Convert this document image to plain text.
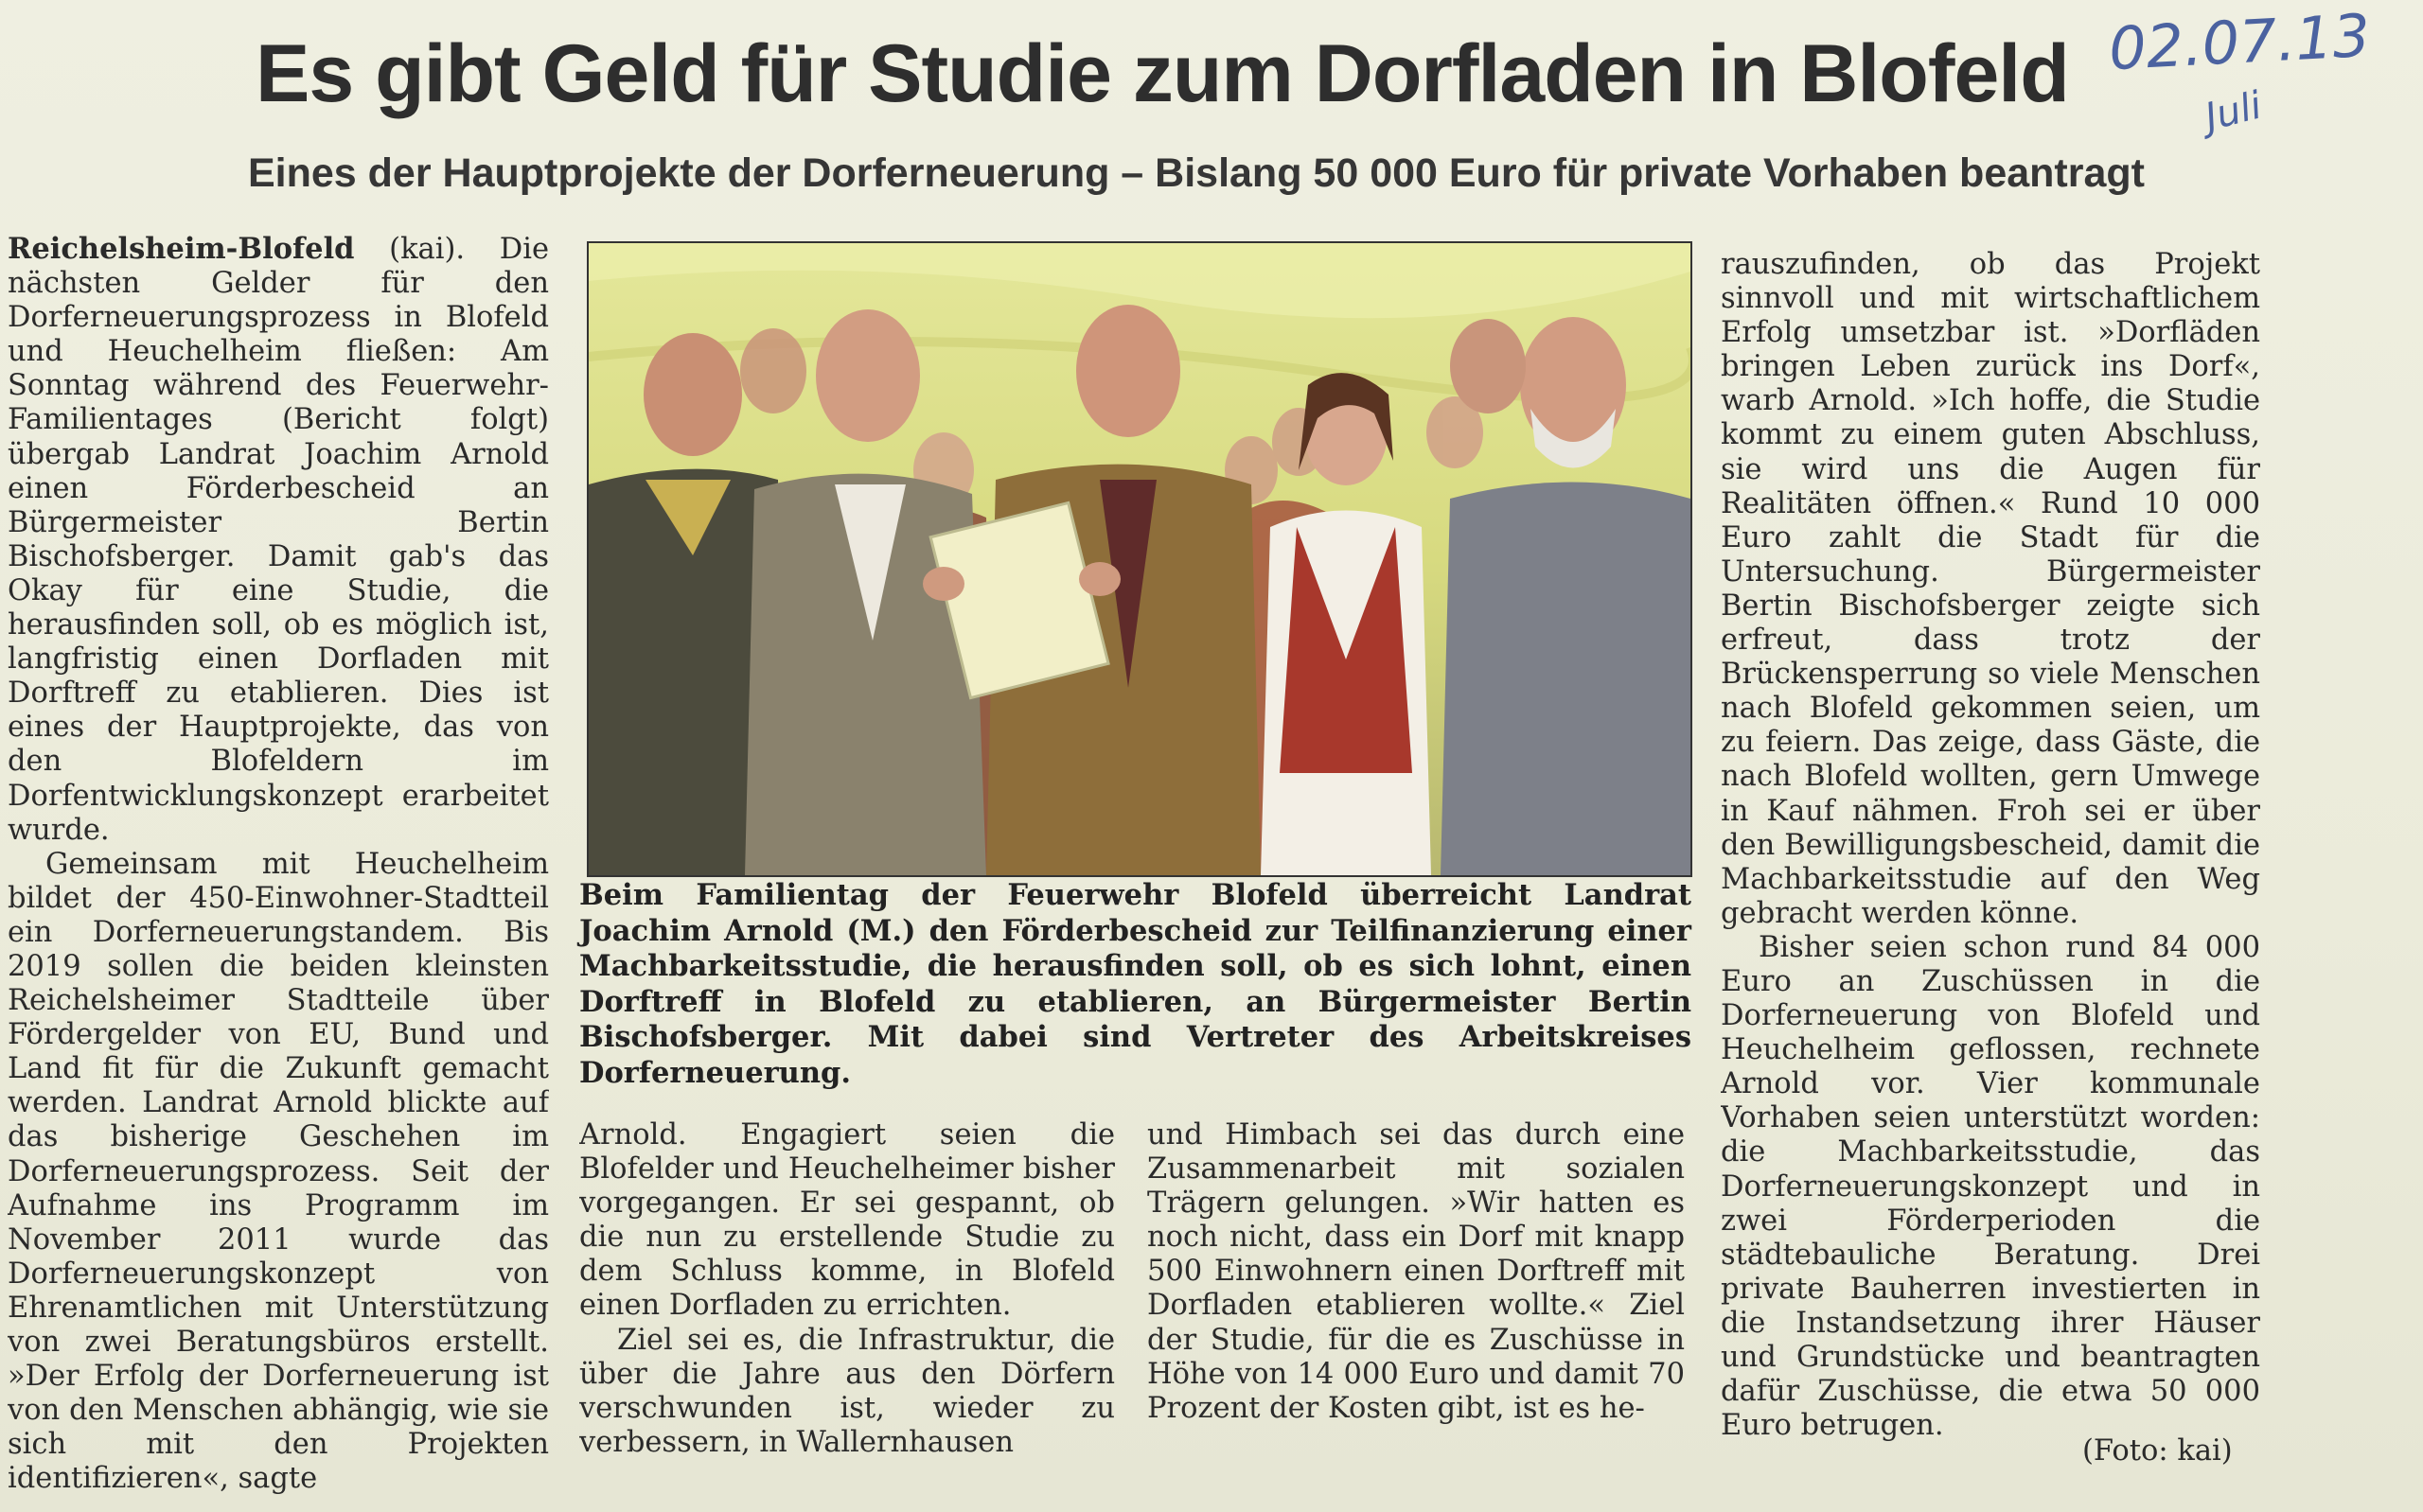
Es gibt Geld für Studie zum Dorfladen in Blofeld
Eines der Hauptprojekte der Dorferneuerung – Bislang 50 000 Euro für private Vorhaben beantragt
02.07.13
Juli

Reichelsheim-Blofeld (kai). Die nächsten Gelder für den Dorferneuerungsprozess in Blofeld und Heuchelheim fließen: Am Sonntag während des Feuerwehr-Familientages (Bericht folgt) übergab Landrat Joachim Arnold einen Förderbescheid an Bürgermeister Bertin Bischofsberger. Damit gab's das Okay für eine Studie, die herausfinden soll, ob es möglich ist, langfristig einen Dorfladen mit Dorftreff zu etablieren. Dies ist eines der Hauptprojekte, das von den Blofeldern im Dorfentwicklungskonzept erarbeitet wurde.

Gemeinsam mit Heuchelheim bildet der 450-Einwohner-Stadtteil ein Dorferneuerungstandem. Bis 2019 sollen die beiden kleinsten Reichelsheimer Stadtteile über Fördergelder von EU, Bund und Land fit für die Zukunft gemacht werden. Landrat Arnold blickte auf das bisherige Geschehen im Dorferneuerungsprozess. Seit der Aufnahme ins Programm im November 2011 wurde das Dorferneuerungskonzept von Ehrenamtlichen mit Unterstützung von zwei Beratungsbüros erstellt. »Der Erfolg der Dorferneuerung ist von den Menschen abhängig, wie sie sich mit den Projekten identifizieren«, sagte

Beim Familientag der Feuerwehr Blofeld überreicht Landrat Joachim Arnold (M.) den Förderbescheid zur Teilfinanzierung einer Machbarkeitsstudie, die herausfinden soll, ob es sich lohnt, einen Dorftreff in Blofeld zu etablieren, an Bürgermeister Bertin Bischofsberger. Mit dabei sind Vertreter des Arbeitskreises Dorferneuerung.

Arnold. Engagiert seien die Blofelder und Heuchelheimer bisher vorgegangen. Er sei gespannt, ob die nun zu erstellende Studie zu dem Schluss komme, in Blofeld einen Dorfladen zu errichten.

Ziel sei es, die Infrastruktur, die über die Jahre aus den Dörfern verschwunden ist, wieder zu verbessern, in Wallernhausen

und Himbach sei das durch eine Zusammenarbeit mit sozialen Trägern gelungen. »Wir hatten es noch nicht, dass ein Dorf mit knapp 500 Einwohnern einen Dorftreff mit Dorfladen etablieren wollte.« Ziel der Studie, für die es Zuschüsse in Höhe von 14 000 Euro und damit 70 Prozent der Kosten gibt, ist es he-

rauszufinden, ob das Projekt sinnvoll und mit wirtschaftlichem Erfolg umsetzbar ist. »Dorfläden bringen Leben zurück ins Dorf«, warb Arnold. »Ich hoffe, die Studie kommt zu einem guten Abschluss, sie wird uns die Augen für Realitäten öffnen.« Rund 10 000 Euro zahlt die Stadt für die Untersuchung. Bürgermeister Bertin Bischofsberger zeigte sich erfreut, dass trotz der Brückensperrung so viele Menschen nach Blofeld gekommen seien, um zu feiern. Das zeige, dass Gäste, die nach Blofeld wollten, gern Umwege in Kauf nähmen. Froh sei er über den Bewilligungsbescheid, damit die Machbarkeitsstudie auf den Weg gebracht werden könne.

Bisher seien schon rund 84 000 Euro an Zuschüssen in die Dorferneuerung von Blofeld und Heuchelheim geflossen, rechnete Arnold vor. Vier kommunale Vorhaben seien unterstützt worden: die Machbarkeitsstudie, das Dorferneuerungskonzept und in zwei Förderperioden die städtebauliche Beratung. Drei private Bauherren investierten in die Instandsetzung ihrer Häuser und Grundstücke und beantragten dafür Zuschüsse, die etwa 50 000 Euro betrugen.

(Foto: kai)
